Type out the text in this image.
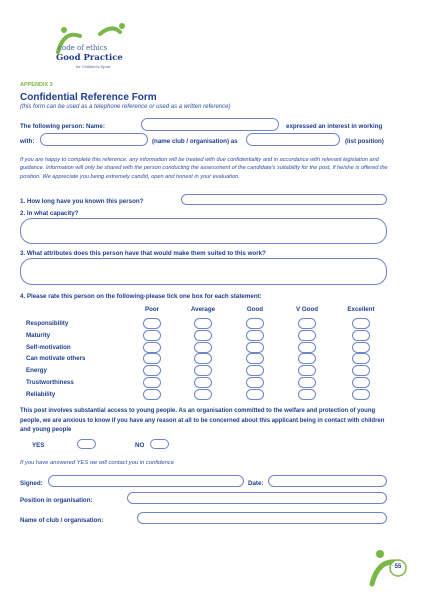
code of ethics
Good Practice
for Children's Sport
APPENDIX 3
Confidential Reference Form
(this form can be used as a telephone reference or used as a written reference)
The following person: Name:	expressed an interest in working
with:	(name club / organisation) as	(list position)
If you are happy to complete this reference, any information will be treated with due confidentiality and in accordance with relevant legislation and guidance. Information will only be shared with the person conducting the assessment of the candidate's suitability for the post, if he/she is offered the position. We appreciate you being extremely candid, open and honest in your evaluation.
1. How long have you known this person?
2. In what capacity?
3. What attributes does this person have that would make them suited to this work?
4. Please rate this person on the following-please tick one box for each statement:
Poor	Average	Good	V Good	Excellent
Responsibility
Maturity
Self-motivation
Can motivate others
Energy
Trustworthiness
Reliability
This post involves substantial access to young people. As an organisation committed to the welfare and protection of young people, we are anxious to know if you have any reason at all to be concerned about this applicant being in contact with children and young people
YES	NO
If you have answered YES we will contact you in confidence
Signed:	Date:
Position in organisation:
Name of club / organisation:
55
